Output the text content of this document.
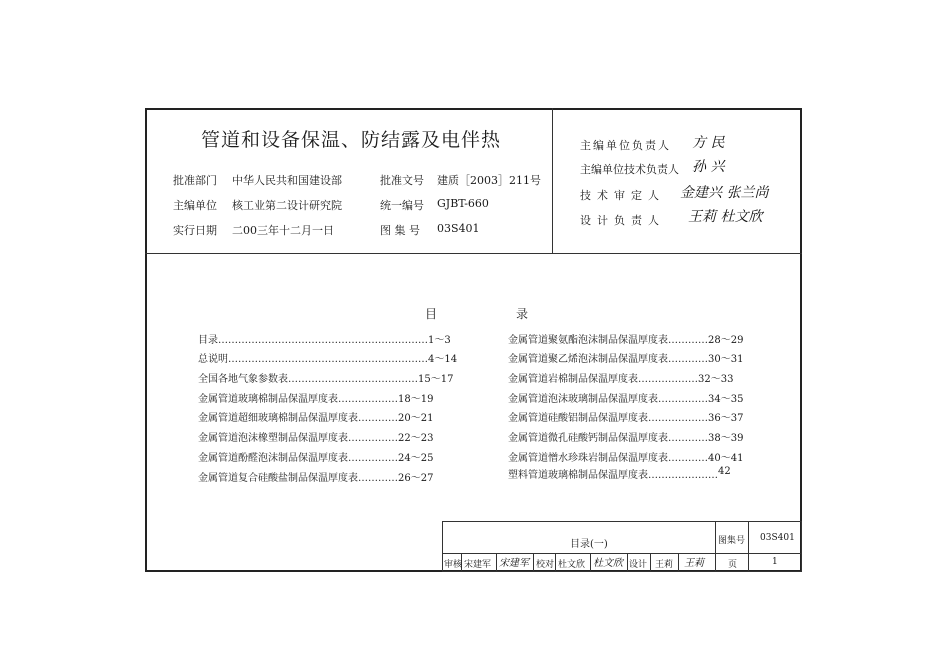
管道和设备保温、防结露及电伴热
批准部门 中华人民共和国建设部	批准文号 建质［2003］211号
主编单位 核工业第二设计研究院	统一编号 GJBT-660
实行日期 二00三年十二月一日	图 集 号 03S401
主编单位负责人 方 民
主编单位技术负责人 孙 兴
技术审定人 金建兴 张兰尚
设计负责人 王莉 杜文欣
目	录
目录……………………………………………………… 1～3
总说明…………………………………………………… 4～14
全国各地气象参数表………………………………… 15～17
金属管道玻璃棉制品保温厚度表……………… 18～19
金属管道超细玻璃棉制品保温厚度表………… 20～21
金属管道泡沫橡塑制品保温厚度表…………… 22～23
金属管道酚醛泡沫制品保温厚度表…………… 24～25
金属管道复合硅酸盐制品保温厚度表………… 26～27
金属管道聚氨酯泡沫制品保温厚度表………… 28～29
金属管道聚乙烯泡沫制品保温厚度表………… 30～31
金属管道岩棉制品保温厚度表……………… 32～33
金属管道泡沫玻璃制品保温厚度表…………… 34～35
金属管道硅酸铝制品保温厚度表……………… 36～37
金属管道微孔硅酸钙制品保温厚度表………… 38～39
金属管道憎水珍珠岩制品保温厚度表………… 40～41
塑料管道玻璃棉制品保温厚度表………………… 42
目录(一)	图集号 03S401
审核 宋建军 宋建军 校对 杜文欣 杜文欣 设计 王莉 王莉	页	1
